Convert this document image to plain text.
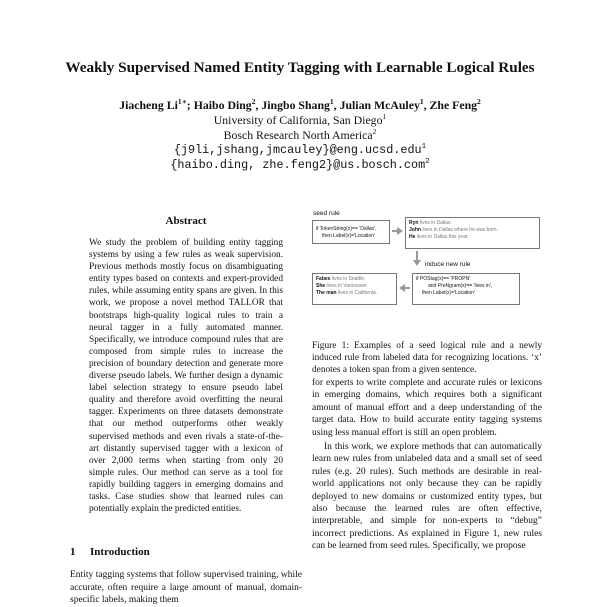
Weakly Supervised Named Entity Tagging with Learnable Logical Rules
Jiacheng $Li^{1∗}$; Haibo Ding$^2$, Jingbo Shang$^1$, Julian McAuley$^1$, Zhe Feng$^2$
University of California, San Diego$^1$
Bosch Research North America$^2$
{j9li,jshang,jmcauley}@eng.ucsd.edu$^1$
{haibo.ding, zhe.feng2}@us.bosch.com$^2$
Abstract
We study the problem of building entity tagging systems by using a few rules as weak supervision. Previous methods mostly focus on disambiguating entity types based on contexts and expert-provided rules, while assuming entity spans are given. In this work, we propose a novel method TALLOR that bootstraps high-quality logical rules to train a neural tagger in a fully automated manner. Specifically, we introduce compound rules that are composed from simple rules to increase the precision of boundary detection and generate more diverse pseudo labels. We further design a dynamic label selection strategy to ensure pseudo label quality and therefore avoid overfitting the neural tagger. Experiments on three datasets demonstrate that our method outperforms other weakly supervised methods and even rivals a state-of-the-art distantly supervised tagger with a lexicon of over 2,000 terms when starting from only 20 simple rules. Our method can serve as a tool for rapidly building taggers in emerging domains and tasks. Case studies show that learned rules can potentially explain the predicted entities.
1 Introduction
Entity tagging systems that follow supervised training, while accurate, often require a large amount of manual, domain-specific labels, making them
seed rule
if TokenString(x)== 'Dallas',
then Label(x)='Location'
Ryn lives in Dallas.
John lives in Dallas where he was born.
He lives in Dallas this year.
induce new rule
Fabes lives in Seattle.
She lives in Vancouver.
The man lives in California.
if POStag(x)== 'PROPN'
and PreNgram(x)== 'lives in',
then Label(x)='Location'
Figure 1: Examples of a seed logical rule and a newly induced rule from labeled data for recognizing locations. ‘x’ denotes a token span from a given sentence.

for experts to write complete and accurate rules or lexicons in emerging domains, which requires both a significant amount of manual effort and a deep understanding of the target data. How to build accurate entity tagging systems using less manual effort is still an open problem.

In this work, we explore methods that can automatically learn new rules from unlabeled data and a small set of seed rules (e.g. 20 rules). Such methods are desirable in real-world applications not only because they can be rapidly deployed to new domains or customized entity types, but also because the learned rules are often effective, interpretable, and simple for non-experts to “debug” incorrect predictions. As explained in Figure 1, new rules can be learned from seed rules. Specifically, we propose
